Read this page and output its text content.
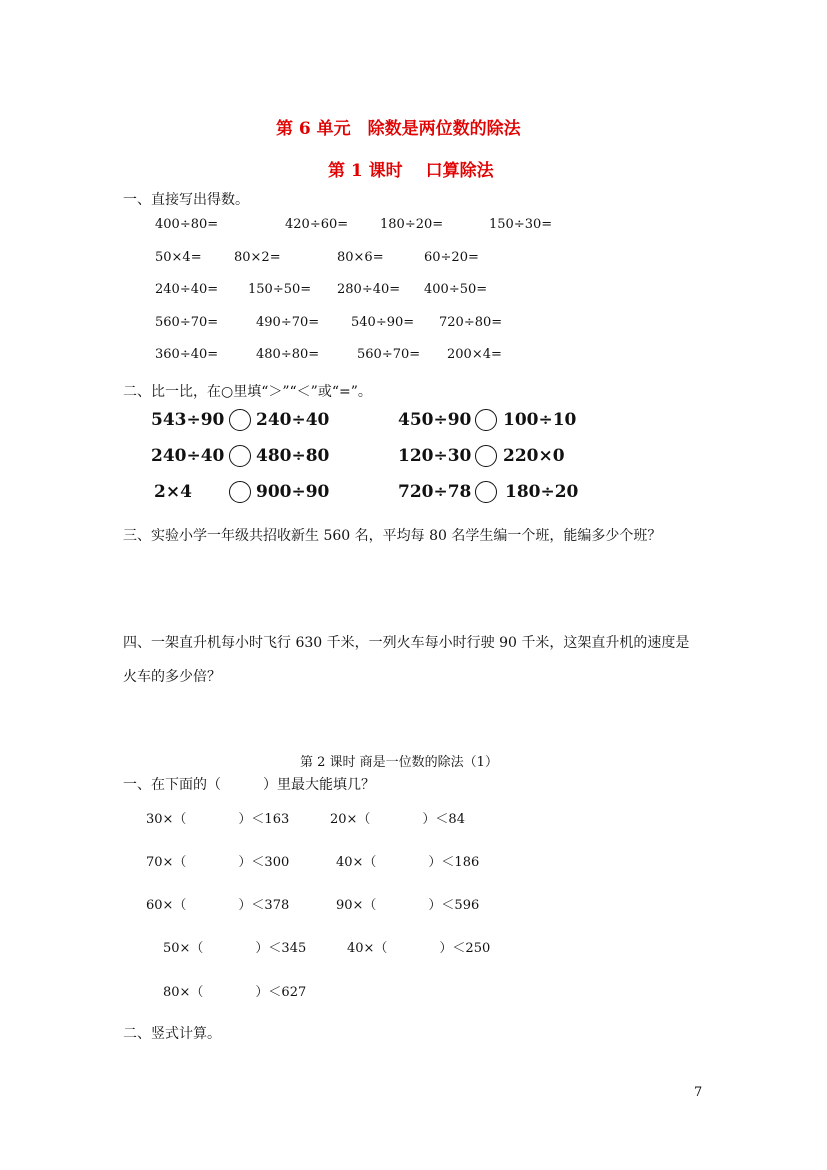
第 6 单元　除数是两位数的除法
第 1 课时　 口算除法
一、直接写出得数。
400÷80=	420÷60= 180÷20=	150÷30=
50×4= 80×2=	80×6=	60÷20=
240÷40= 150÷50= 280÷40= 400÷50=
560÷70=	490÷70= 540÷90= 720÷80=
360÷40=	480÷80=	560÷70= 200×4=
二、比一比，在○里填“＞”“＜”或“=”。
543÷90 240÷40	450÷90 100÷10
240÷40 480÷80	120÷30 220×0
2×4	900÷90	720÷78 180÷20
三、实验小学一年级共招收新生 560 名，平均每 80 名学生编一个班，能编多少个班？
四、一架直升机每小时飞行 630 千米，一列火车每小时行驶 90 千米，这架直升机的速度是
火车的多少倍？
第 2 课时 商是一位数的除法（1）
一、在下面的（　　　）里最大能填几？
30×（　　　　）＜163	20×（　　　　）＜84
70×（　　　　）＜300	40×（　　　　）＜186
60×（　　　　）＜378	90×（　　　　）＜596
50×（　　　　）＜345	40×（　　　　）＜250
80×（　　　　）＜627
二、竖式计算。
7
